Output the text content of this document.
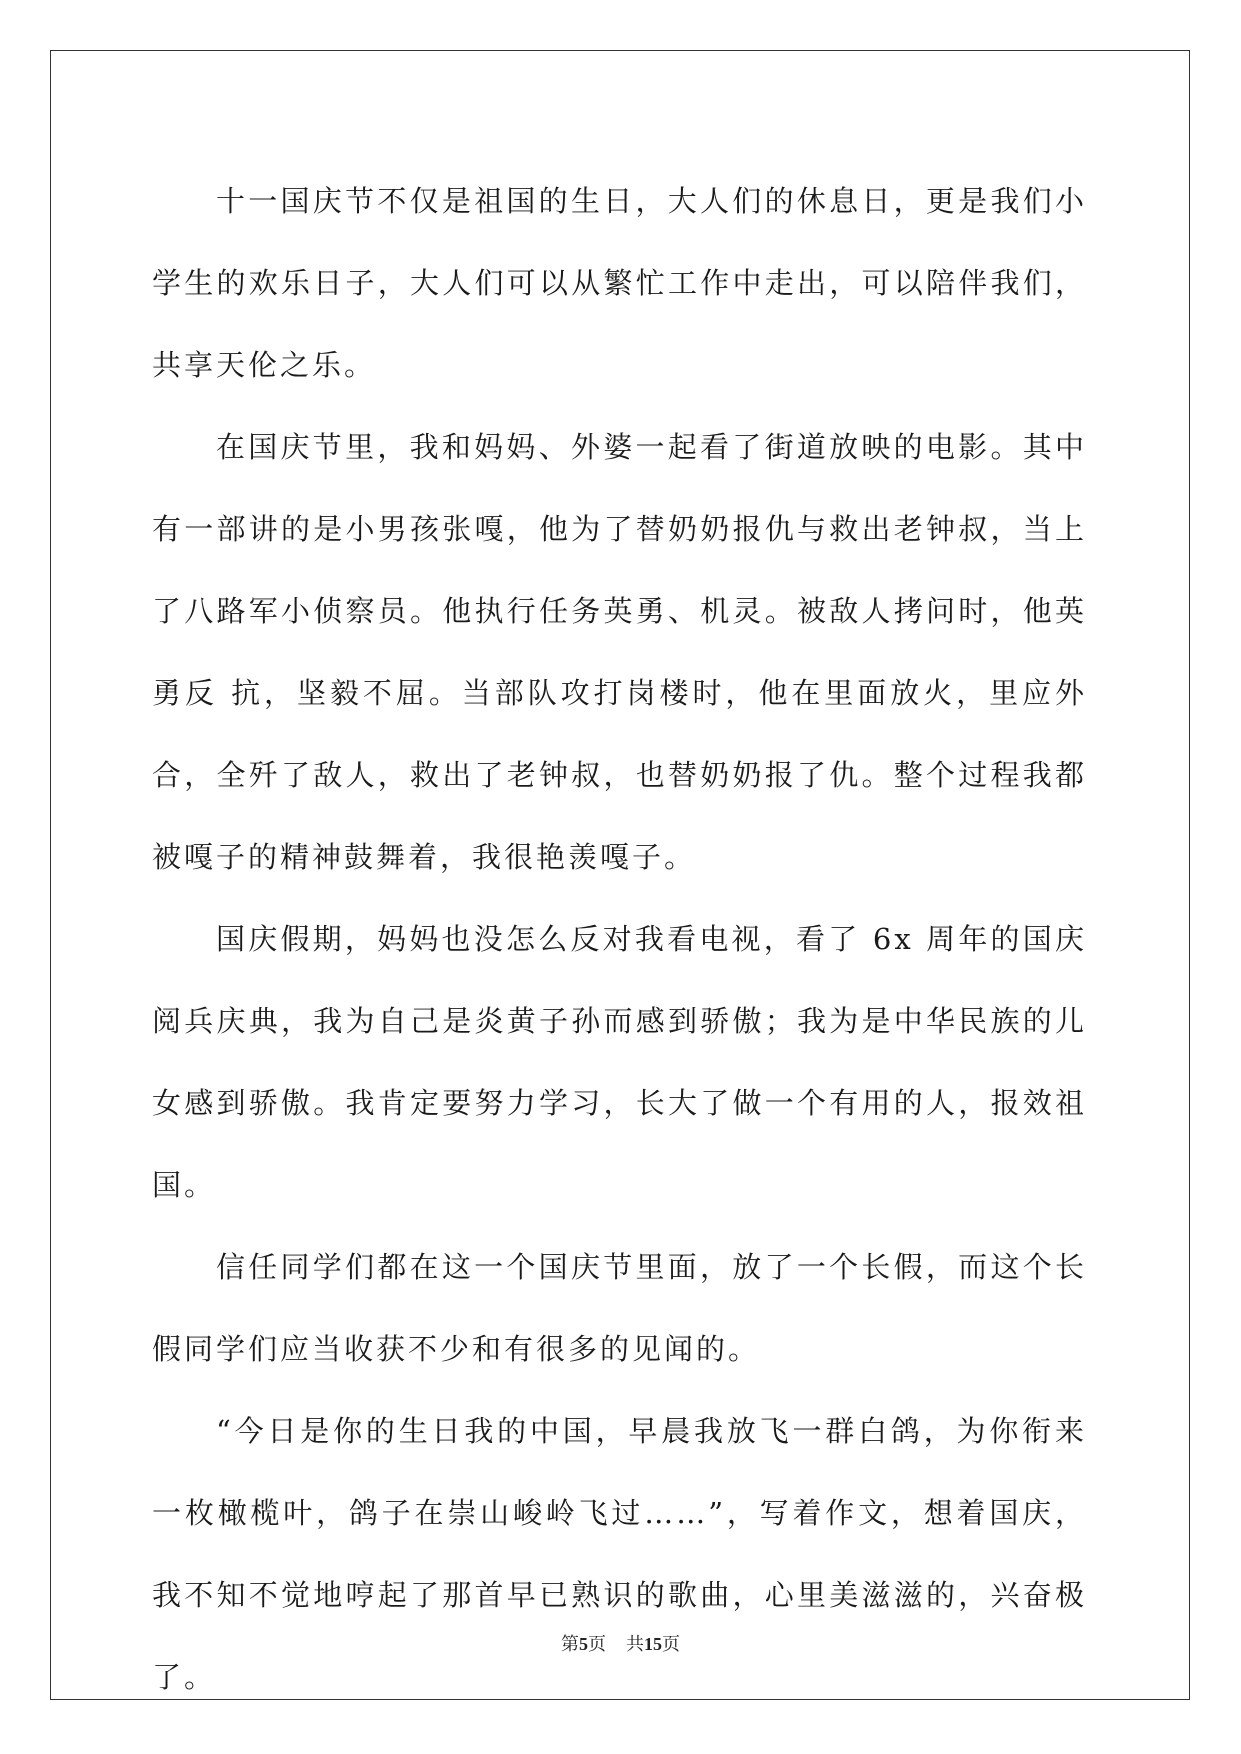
十一国庆节不仅是祖国的生日，大人们的休息日，更是我们小学生的欢乐日子，大人们可以从繁忙工作中走出，可以陪伴我们，共享天伦之乐。

在国庆节里，我和妈妈、外婆一起看了街道放映的电影。其中有一部讲的是小男孩张嘎，他为了替奶奶报仇与救出老钟叔，当上了八路军小侦察员。他执行任务英勇、机灵。被敌人拷问时，他英勇反 抗，坚毅不屈。当部队攻打岗楼时，他在里面放火，里应外合，全歼了敌人，救出了老钟叔，也替奶奶报了仇。整个过程我都被嘎子的精神鼓舞着，我很艳羡嘎子。

国庆假期，妈妈也没怎么反对我看电视，看了 6x 周年的国庆阅兵庆典，我为自己是炎黄子孙而感到骄傲；我为是中华民族的儿女感到骄傲。我肯定要努力学习，长大了做一个有用的人，报效祖国。

信任同学们都在这一个国庆节里面，放了一个长假，而这个长假同学们应当收获不少和有很多的见闻的。

“今日是你的生日我的中国，早晨我放飞一群白鸽，为你衔来一枚橄榄叶，鸽子在崇山峻岭飞过……”，写着作文，想着国庆，我不知不觉地哼起了那首早已熟识的歌曲，心里美滋滋的，兴奋极了。

第5页 共15页
